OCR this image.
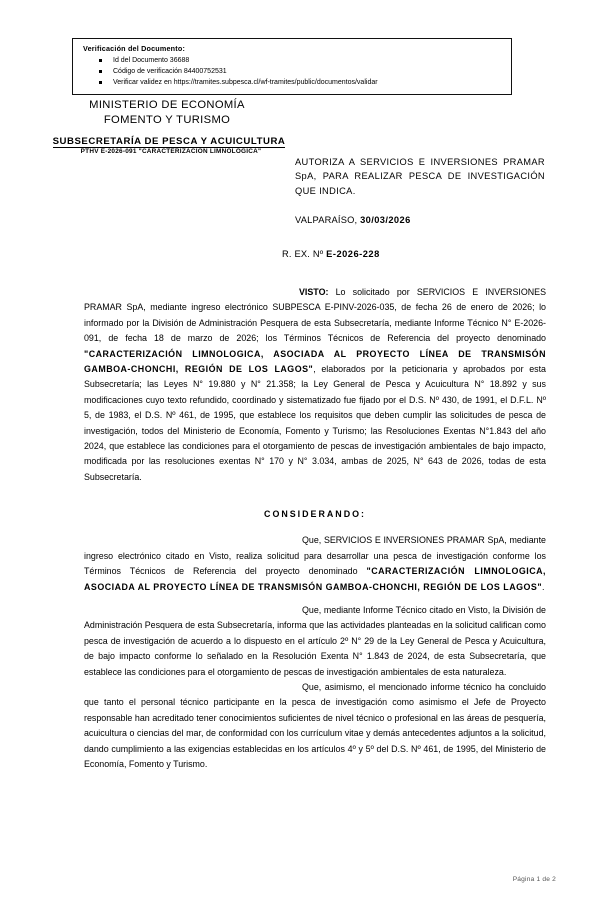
Verificación del Documento:
Id del Documento 36688
Código de verificación 84400752531
Verificar validez en https://tramites.subpesca.cl/wf-tramites/public/documentos/validar
MINISTERIO DE ECONOMÍA
FOMENTO Y TURISMO
SUBSECRETARÍA DE PESCA Y ACUICULTURA
PTHV E-2026-091 "CARACTERIZACIÓN LIMNOLÓGICA"
AUTORIZA A SERVICIOS E INVERSIONES PRAMAR SpA, PARA REALIZAR PESCA DE INVESTIGACIÓN QUE INDICA.
VALPARAÍSO, 30/03/2026
R. EX. Nº E-2026-228

VISTO: Lo solicitado por SERVICIOS E INVERSIONES PRAMAR SpA, mediante ingreso electrónico SUBPESCA E-PINV-2026-035, de fecha 26 de enero de 2026; lo informado por la División de Administración Pesquera de esta Subsecretaría, mediante Informe Técnico N° E-2026-091, de fecha 18 de marzo de 2026; los Términos Técnicos de Referencia del proyecto denominado "CARACTERIZACIÓN LIMNOLOGICA, ASOCIADA AL PROYECTO LÍNEA DE TRANSMISÓN GAMBOA-CHONCHI, REGIÓN DE LOS LAGOS", elaborados por la peticionaria y aprobados por esta Subsecretaría; las Leyes N° 19.880 y N° 21.358; la Ley General de Pesca y Acuicultura N° 18.892 y sus modificaciones cuyo texto refundido, coordinado y sistematizado fue fijado por el D.S. Nº 430, de 1991, el D.F.L. Nº 5, de 1983, el D.S. Nº 461, de 1995, que establece los requisitos que deben cumplir las solicitudes de pesca de investigación, todos del Ministerio de Economía, Fomento y Turismo; las Resoluciones Exentas N°1.843 del año 2024, que establece las condiciones para el otorgamiento de pescas de investigación ambientales de bajo impacto, modificada por las resoluciones exentas N° 170 y N° 3.034, ambas de 2025, N° 643 de 2026, todas de esta Subsecretaría.

CONSIDERANDO:

Que, SERVICIOS E INVERSIONES PRAMAR SpA, mediante ingreso electrónico citado en Visto, realiza solicitud para desarrollar una pesca de investigación conforme los Términos Técnicos de Referencia del proyecto denominado "CARACTERIZACIÓN LIMNOLOGICA, ASOCIADA AL PROYECTO LÍNEA DE TRANSMISÓN GAMBOA-CHONCHI, REGIÓN DE LOS LAGOS".

Que, mediante Informe Técnico citado en Visto, la División de Administración Pesquera de esta Subsecretaría, informa que las actividades planteadas en la solicitud califican como pesca de investigación de acuerdo a lo dispuesto en el artículo 2º N° 29 de la Ley General de Pesca y Acuicultura, de bajo impacto conforme lo señalado en la Resolución Exenta N° 1.843 de 2024, de esta Subsecretaría, que establece las condiciones para el otorgamiento de pescas de investigación ambientales de esta naturaleza.

Que, asimismo, el mencionado informe técnico ha concluido que tanto el personal técnico participante en la pesca de investigación como asimismo el Jefe de Proyecto responsable han acreditado tener conocimientos suficientes de nivel técnico o profesional en las áreas de pesquería, acuicultura o ciencias del mar, de conformidad con los currículum vitae y demás antecedentes adjuntos a la solicitud, dando cumplimiento a las exigencias establecidas en los artículos 4º y 5º del D.S. Nº 461, de 1995, del Ministerio de Economía, Fomento y Turismo.

Página 1 de 2
